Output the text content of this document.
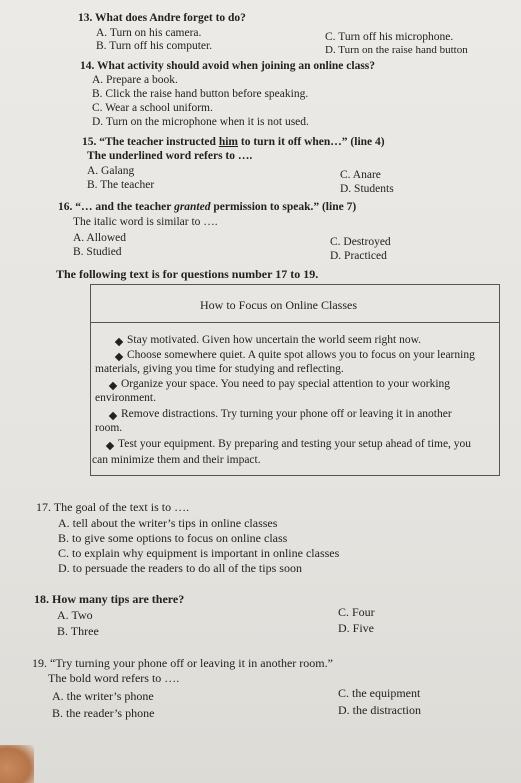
13. What does Andre forget to do?
A. Turn on his camera.
B. Turn off his computer.
C. Turn off his microphone.
D. Turn on the raise hand button
14. What activity should avoid when joining an online class?
A. Prepare a book.
B. Click the raise hand button before speaking.
C. Wear a school uniform.
D. Turn on the microphone when it is not used.
15. “The teacher instructed him to turn it off when…” (line 4)
The underlined word refers to ….
A. Galang
B. The teacher
C. Anare
D. Students
16. “… and the teacher granted permission to speak.” (line 7)
The italic word is similar to ….
A. Allowed
B. Studied
C. Destroyed
D. Practiced
The following text is for questions number 17 to 19.
How to Focus on Online Classes
Stay motivated. Given how uncertain the world seem right now.
Choose somewhere quiet. A quite spot allows you to focus on your learning
materials, giving you time for studying and reflecting.
Organize your space. You need to pay special attention to your working
environment.
Remove distractions. Try turning your phone off or leaving it in another
room.
Test your equipment. By preparing and testing your setup ahead of time, you
can minimize them and their impact.
17. The goal of the text is to ….
A. tell about the writer’s tips in online classes
B. to give some options to focus on online class
C. to explain why equipment is important in online classes
D. to persuade the readers to do all of the tips soon
18. How many tips are there?
A. Two
B. Three
C. Four
D. Five
19. “Try turning your phone off or leaving it in another room.”
The bold word refers to ….
A. the writer’s phone
B. the reader’s phone
C. the equipment
D. the distraction
